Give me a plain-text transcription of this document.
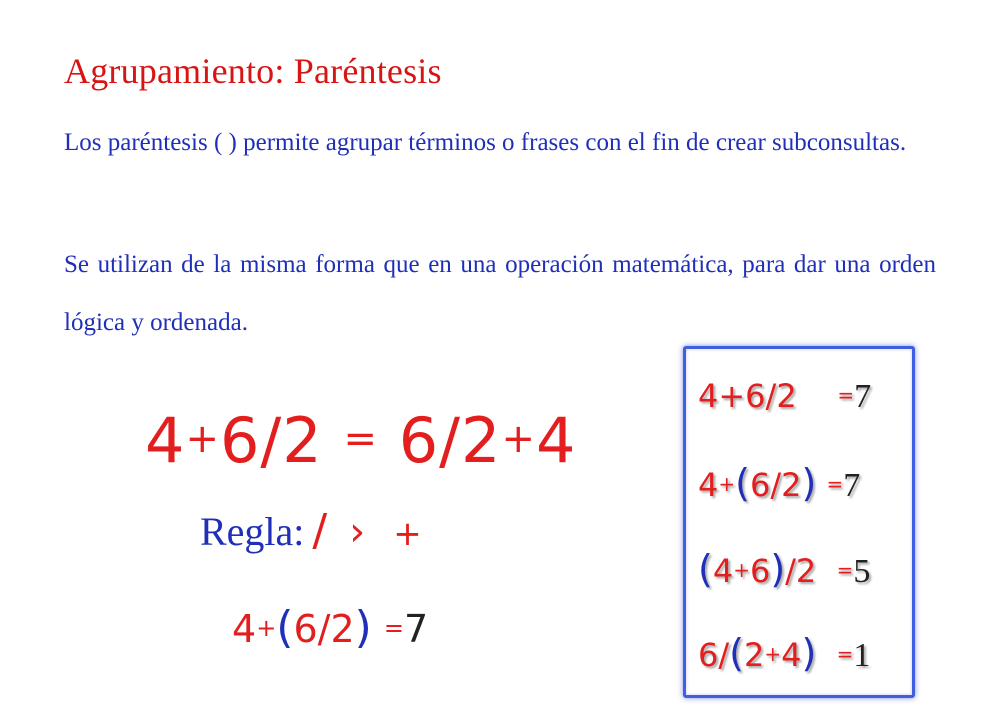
Agrupamiento: Paréntesis
Los paréntesis ( ) permite agrupar términos o frases con el fin de crear subconsultas.
Se utilizan de la misma forma que en una operación matemática, para dar una orden lógica y ordenada.
4+6/2 = 6/2+4
Regla: / › +
4+(6/2) =7
4+6/2 =7
4+(6/2) =7
(4+6)/2 =5
6/(2+4) =1
